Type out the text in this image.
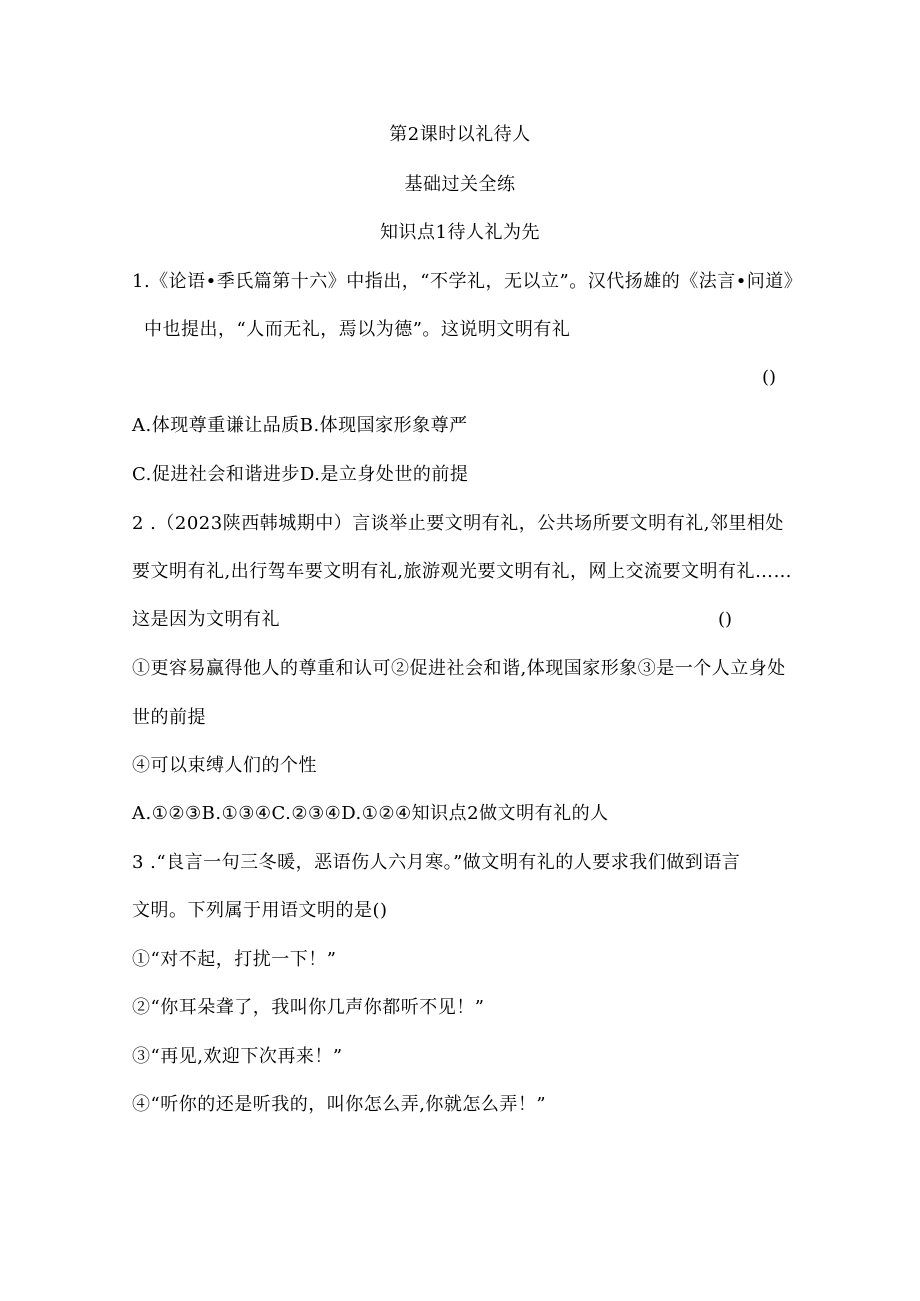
第2课时以礼待人
基础过关全练
知识点1待人礼为先
1.《论语•季氏篇第十六》中指出，“不学礼，无以立”。汉代扬雄的《法言•问道》
中也提出，“人而无礼，焉以为德”。这说明文明有礼
()
A.体现尊重谦让品质B.体现国家形象尊严
C.促进社会和谐进步D.是立身处世的前提
2 .（2023陕西韩城期中）言谈举止要文明有礼，公共场所要文明有礼,邻里相处
要文明有礼,出行驾车要文明有礼,旅游观光要文明有礼，网上交流要文明有礼……
这是因为文明有礼	()
①更容易赢得他人的尊重和认可②促进社会和谐,体现国家形象③是一个人立身处
世的前提
④可以束缚人们的个性
A.①②③B.①③④C.②③④D.①②④知识点2做文明有礼的人
3 .“良言一句三冬暖，恶语伤人六月寒。”做文明有礼的人要求我们做到语言
文明。下列属于用语文明的是()
①“对不起，打扰一下！”
②“你耳朵聋了，我叫你几声你都听不见！”
③“再见,欢迎下次再来！”
④“听你的还是听我的，叫你怎么弄,你就怎么弄！”
